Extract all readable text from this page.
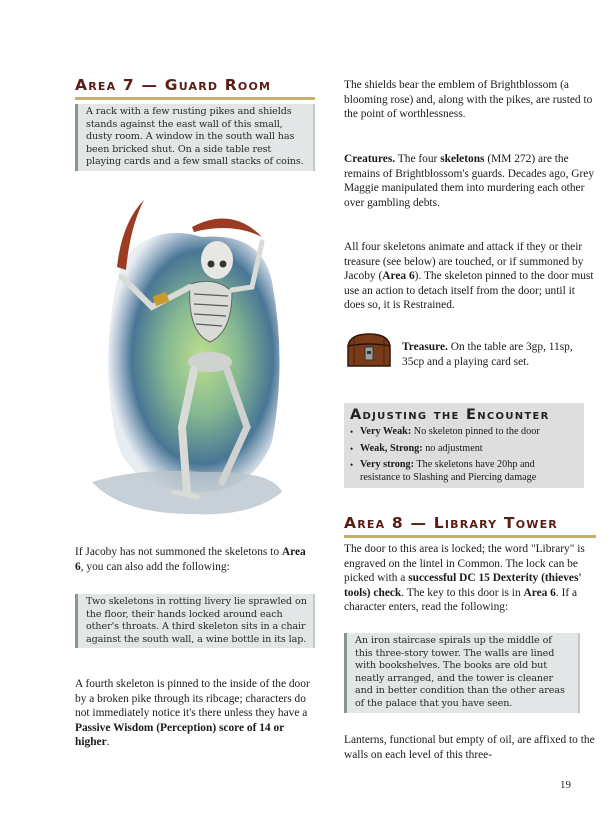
Area 7 — Guard Room
A rack with a few rusting pikes and shields stands against the east wall of this small, dusty room. A window in the south wall has been bricked shut. On a side table rest playing cards and a few small stacks of coins.

If Jacoby has not summoned the skeletons to Area 6, you can also add the following:

Two skeletons in rotting livery lie sprawled on the floor, their hands locked around each other's throats. A third skeleton sits in a chair against the south wall, a wine bottle in its lap.

A fourth skeleton is pinned to the inside of the door by a broken pike through its ribcage; characters do not immediately notice it's there unless they have a Passive Wisdom (Perception) score of 14 or higher.

The shields bear the emblem of Brightblossom (a blooming rose) and, along with the pikes, are rusted to the point of worthlessness.

Creatures. The four skeletons (MM 272) are the remains of Brightblossom's guards. Decades ago, Grey Maggie manipulated them into murdering each other over gambling debts.

All four skeletons animate and attack if they or their treasure (see below) are touched, or if summoned by Jacoby (Area 6). The skeleton pinned to the door must use an action to detach itself from the door; until it does so, it is Restrained.

Treasure. On the table are 3gp, 11sp, 35cp and a playing card set.

Adjusting the Encounter
• Very Weak: No skeleton pinned to the door
• Weak, Strong: no adjustment
• Very strong: The skeletons have 20hp and resistance to Slashing and Piercing damage
Area 8 — Library Tower

The door to this area is locked; the word "Library" is engraved on the lintel in Common. The lock can be picked with a successful DC 15 Dexterity (thieves' tools) check. The key to this door is in Area 6. If a character enters, read the following:

An iron staircase spirals up the middle of this three-story tower. The walls are lined with bookshelves. The books are old but neatly arranged, and the tower is cleaner and in better condition than the other areas of the palace that you have seen.

Lanterns, functional but empty of oil, are affixed to the walls on each level of this three-

19
